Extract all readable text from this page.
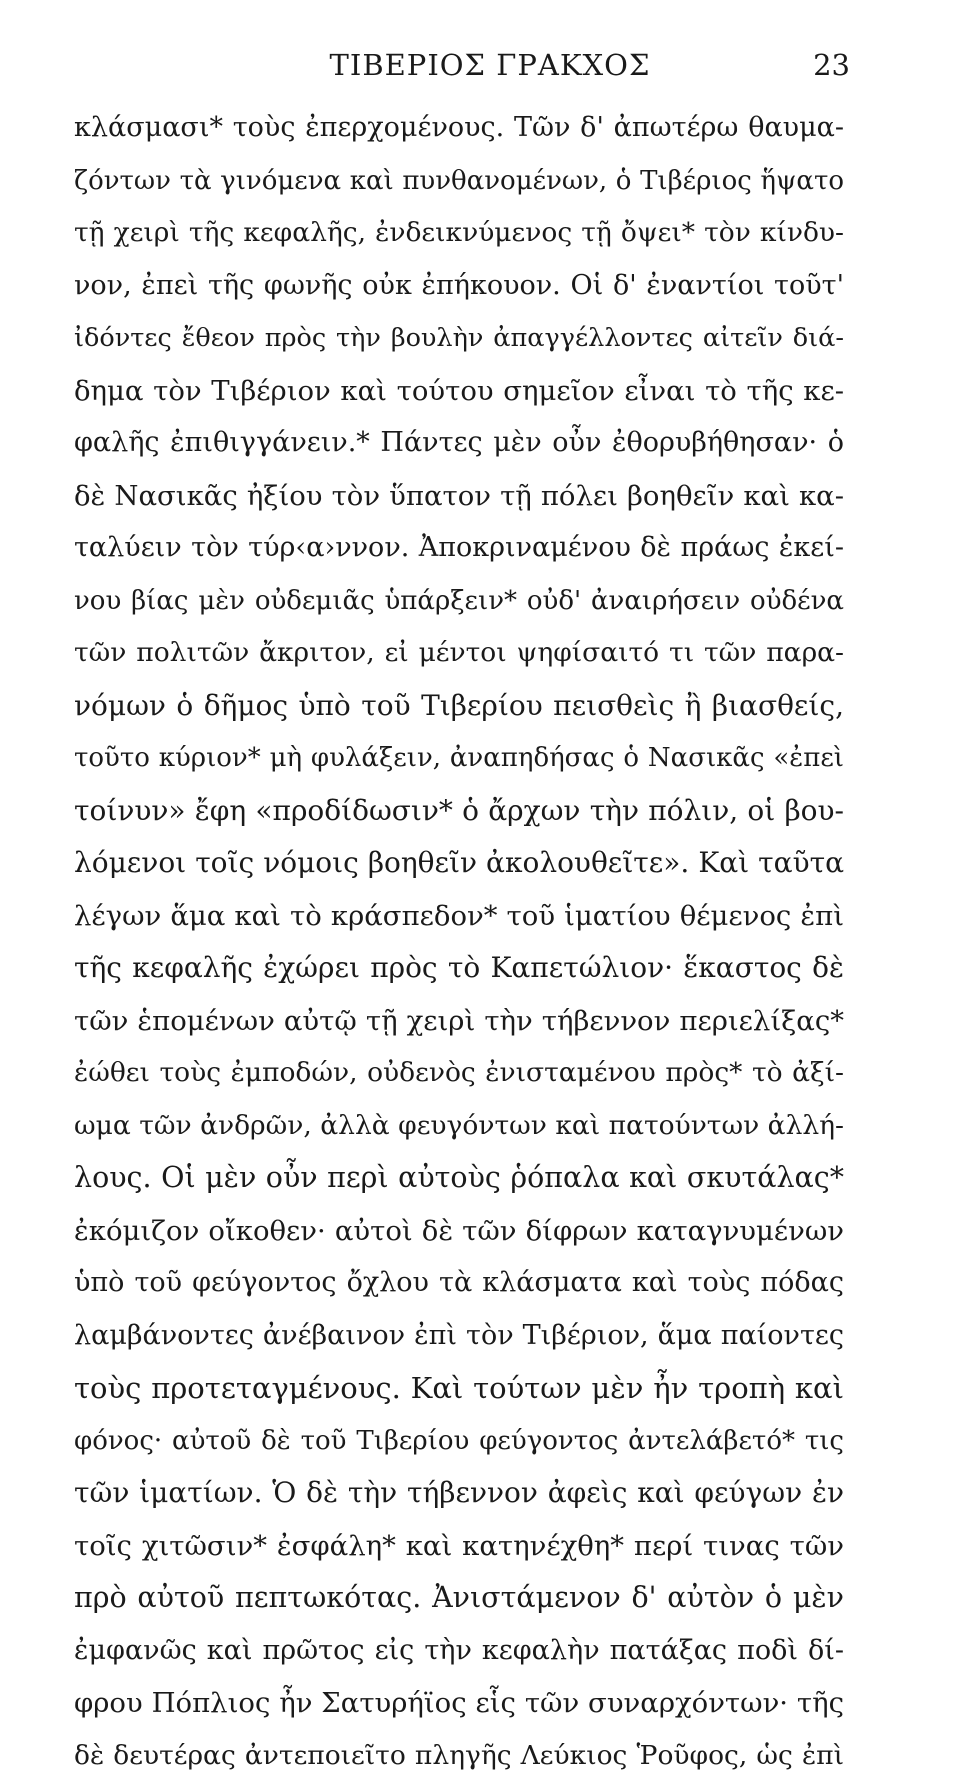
ΤΙΒΕΡΙΟΣ ΓΡΑΚΧΟΣ	23
κλάσμασι* τοὺς ἐπερχομένους. Τῶν δ' ἀπωτέρω θαυμα-
ζόντων τὰ γινόμενα καὶ πυνθανομένων, ὁ Τιβέριος ἥψατο
τῇ χειρὶ τῆς κεφαλῆς, ἐνδεικνύμενος τῇ ὄψει* τὸν κίνδυ-
νον, ἐπεὶ τῆς φωνῆς οὐκ ἐπήκουον. Οἱ δ' ἐναντίοι τοῦτ'
ἰδόντες ἔθεον πρὸς τὴν βουλὴν ἀπαγγέλλοντες αἰτεῖν διά-
δημα τὸν Τιβέριον καὶ τούτου σημεῖον εἶναι τὸ τῆς κε-
φαλῆς ἐπιθιγγάνειν.* Πάντες μὲν οὖν ἐθορυβήθησαν· ὁ
δὲ Νασικᾶς ἠξίου τὸν ὕπατον τῇ πόλει βοηθεῖν καὶ κα-
ταλύειν τὸν τύρ‹α›ννον. Ἀποκριναμένου δὲ πράως ἐκεί-
νου βίας μὲν οὐδεμιᾶς ὑπάρξειν* οὐδ' ἀναιρήσειν οὐδένα
τῶν πολιτῶν ἄκριτον, εἰ μέντοι ψηφίσαιτό τι τῶν παρα-
νόμων ὁ δῆμος ὑπὸ τοῦ Τιβερίου πεισθεὶς ἢ βιασθείς,
τοῦτο κύριον* μὴ φυλάξειν, ἀναπηδήσας ὁ Νασικᾶς «ἐπεὶ
τοίνυν» ἔφη «προδίδωσιν* ὁ ἄρχων τὴν πόλιν, οἱ βου-
λόμενοι τοῖς νόμοις βοηθεῖν ἀκολουθεῖτε». Καὶ ταῦτα
λέγων ἅμα καὶ τὸ κράσπεδον* τοῦ ἱματίου θέμενος ἐπὶ
τῆς κεφαλῆς ἐχώρει πρὸς τὸ Καπετώλιον· ἕκαστος δὲ
τῶν ἑπομένων αὐτῷ τῇ χειρὶ τὴν τήβεννον περιελίξας*
ἐώθει τοὺς ἐμποδών, οὐδενὸς ἐνισταμένου πρὸς* τὸ ἀξί-
ωμα τῶν ἀνδρῶν, ἀλλὰ φευγόντων καὶ πατούντων ἀλλή-
λους. Οἱ μὲν οὖν περὶ αὐτοὺς ῥόπαλα καὶ σκυτάλας*
ἐκόμιζον οἴκοθεν· αὐτοὶ δὲ τῶν δίφρων καταγνυμένων
ὑπὸ τοῦ φεύγοντος ὄχλου τὰ κλάσματα καὶ τοὺς πόδας
λαμβάνοντες ἀνέβαινον ἐπὶ τὸν Τιβέριον, ἅμα παίοντες
τοὺς προτεταγμένους. Καὶ τούτων μὲν ἦν τροπὴ καὶ
φόνος· αὐτοῦ δὲ τοῦ Τιβερίου φεύγοντος ἀντελάβετό* τις
τῶν ἱματίων. Ὁ δὲ τὴν τήβεννον ἀφεὶς καὶ φεύγων ἐν
τοῖς χιτῶσιν* ἐσφάλη* καὶ κατηνέχθη* περί τινας τῶν
πρὸ αὐτοῦ πεπτωκότας. Ἀνιστάμενον δ' αὐτὸν ὁ μὲν
ἐμφανῶς καὶ πρῶτος εἰς τὴν κεφαλὴν πατάξας ποδὶ δί-
φρου Πόπλιος ἦν Σατυρήϊος εἷς τῶν συναρχόντων· τῆς
δὲ δευτέρας ἀντεποιεῖτο πληγῆς Λεύκιος Ῥοῦφος, ὡς ἐπὶ
